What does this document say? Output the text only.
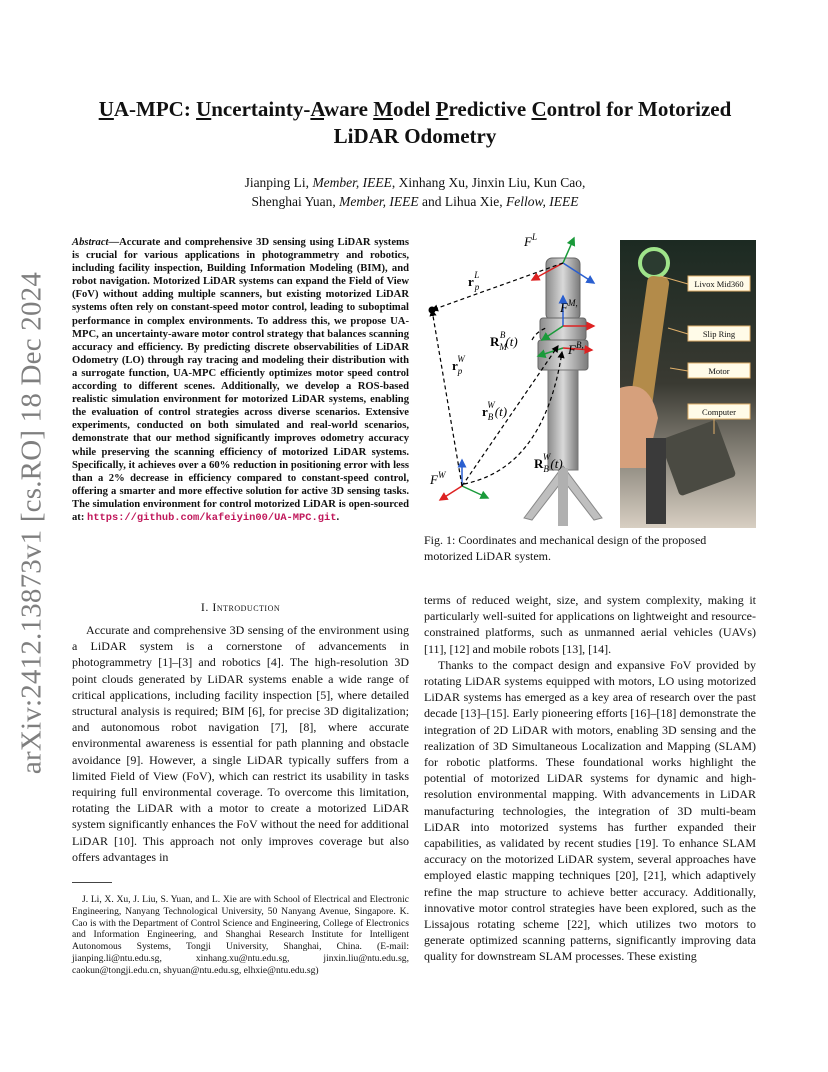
arXiv:2412.13873v1 [cs.RO] 18 Dec 2024
UA-MPC: Uncertainty-Aware Model Predictive Control for Motorized
LiDAR Odometry
Jianping Li, Member, IEEE, Xinhang Xu, Jinxin Liu, Kun Cao,
Shenghai Yuan, Member, IEEE and Lihua Xie, Fellow, IEEE
Abstract—Accurate and comprehensive 3D sensing using LiDAR systems is crucial for various applications in photogrammetry and robotics, including facility inspection, Building Information Modeling (BIM), and robot navigation. Motorized LiDAR systems can expand the Field of View (FoV) without adding multiple scanners, but existing motorized LiDAR systems often rely on constant-speed motor control, leading to suboptimal performance in complex environments. To address this, we propose UA-MPC, an uncertainty-aware motor control strategy that balances scanning accuracy and efficiency. By predicting discrete observabilities of LiDAR Odometry (LO) through ray tracing and modeling their distribution with a surrogate function, UA-MPC efficiently optimizes motor speed control according to different scenes. Additionally, we develop a ROS-based realistic simulation environment for motorized LiDAR systems, enabling the evaluation of control strategies across diverse scenarios. Extensive experiments, conducted on both simulated and real-world scenarios, demonstrate that our method significantly improves odometry accuracy while preserving the scanning efficiency of motorized LiDAR systems. Specifically, it achieves over a 60% reduction in positioning error with less than a 2% decrease in efficiency compared to constant-speed control, offering a smarter and more effective solution for active 3D sensing tasks. The simulation environment for control motorized LiDAR is open-sourced at: https://github.com/kafeiyin00/UA-MPC.git.
I. Introduction

Accurate and comprehensive 3D sensing of the environment using a LiDAR system is a cornerstone of advancements in photogrammetry [1]–[3] and robotics [4]. The high-resolution 3D point clouds generated by LiDAR systems enable a wide range of critical applications, including facility inspection [5], where detailed structural analysis is required; BIM [6], for precise 3D digitalization; and autonomous robot navigation [7], [8], where accurate environmental awareness is essential for path planning and obstacle avoidance [9]. However, a single LiDAR typically suffers from a limited Field of View (FoV), which can restrict its usability in tasks requiring full environmental coverage. To overcome this limitation, rotating the LiDAR with a motor to create a motorized LiDAR system significantly enhances the FoV without the need for additional LiDAR [10]. This approach not only improves coverage but also offers advantages in

J. Li, X. Xu, J. Liu, S. Yuan, and L. Xie are with School of Electrical and Electronic Engineering, Nanyang Technological University, 50 Nanyang Avenue, Singapore. K. Cao is with the Department of Control Science and Engineering, College of Electronics and Information Engineering, and Shanghai Research Institute for Intelligent Autonomous Systems, Tongji University, Shanghai, China. (E-mail: jianping.li@ntu.edu.sg, xinhang.xu@ntu.edu.sg, jinxin.liu@ntu.edu.sg, caokun@tongji.edu.cn, shyuan@ntu.edu.sg, elhxie@ntu.edu.sg)

$F^L$
$r_pL$
$F^{M,}$
$R_MB(t)$
$F^{B,}$
$r_pW$
$r_BW(t)$
$R_BW(t)$
$F^W$
Livox Mid360
Slip Ring
Motor
Computer
Fig. 1: Coordinates and mechanical design of the proposed motorized LiDAR system.

terms of reduced weight, size, and system complexity, making it particularly well-suited for applications on lightweight and resource-constrained platforms, such as unmanned aerial vehicles (UAVs) [11], [12] and mobile robots [13], [14].

Thanks to the compact design and expansive FoV provided by rotating LiDAR systems equipped with motors, LO using motorized LiDAR systems has emerged as a key area of research over the past decade [13]–[15]. Early pioneering efforts [16]–[18] demonstrate the integration of 2D LiDAR with motors, enabling 3D sensing and the realization of 3D Simultaneous Localization and Mapping (SLAM) for robotic platforms. These foundational works highlight the potential of motorized LiDAR systems for dynamic and high-resolution environmental mapping. With advancements in LiDAR manufacturing technologies, the integration of 3D multi-beam LiDAR into motorized systems has further expanded their capabilities, as validated by recent studies [19]. To enhance SLAM accuracy on the motorized LiDAR system, several approaches have employed elastic mapping techniques [20], [21], which adaptively refine the map structure to achieve better accuracy. Additionally, innovative motor control strategies have been explored, such as the Lissajous rotating scheme [22], which utilizes two motors to generate optimized scanning patterns, significantly improving data quality for downstream SLAM processes. These existing
